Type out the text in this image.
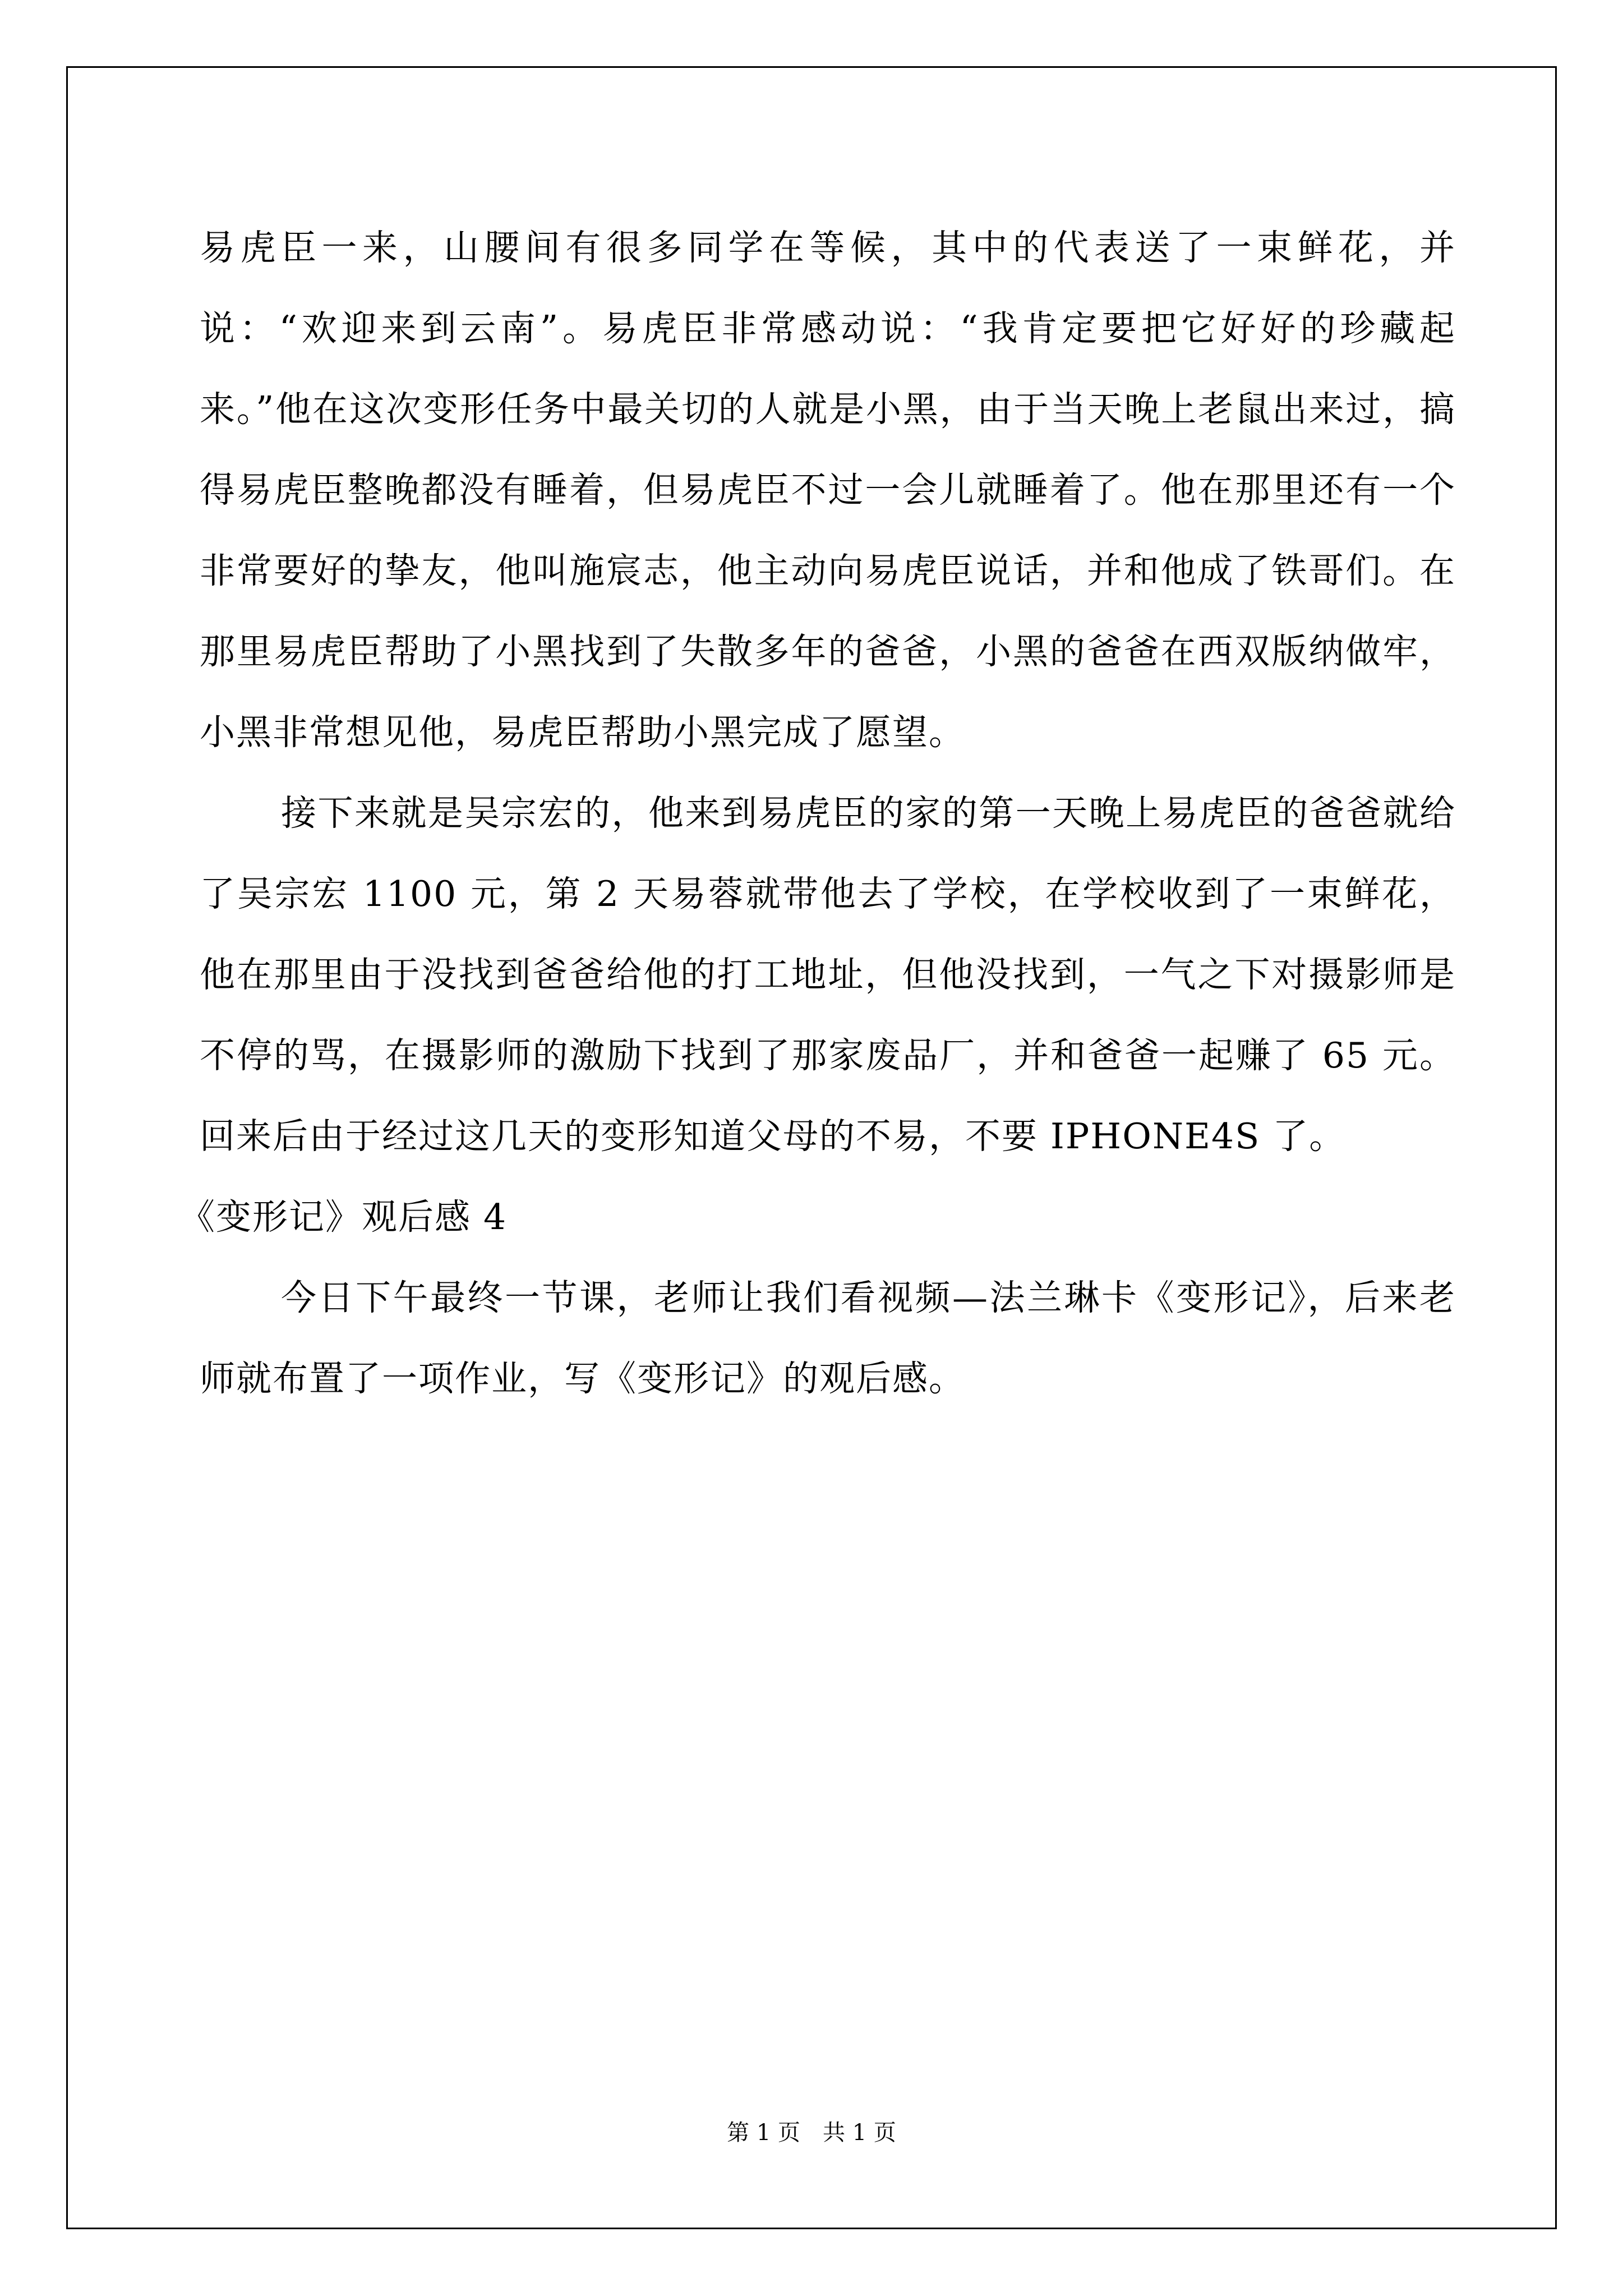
易虎臣一来，山腰间有很多同学在等候，其中的代表送了一束鲜花，并说：“欢迎来到云南”。易虎臣非常感动说：“我肯定要把它好好的珍藏起来。”他在这次变形任务中最关切的人就是小黑，由于当天晚上老鼠出来过，搞得易虎臣整晚都没有睡着，但易虎臣不过一会儿就睡着了。他在那里还有一个非常要好的挚友，他叫施宸志，他主动向易虎臣说话，并和他成了铁哥们。在那里易虎臣帮助了小黑找到了失散多年的爸爸，小黑的爸爸在西双版纳做牢，小黑非常想见他，易虎臣帮助小黑完成了愿望。

接下来就是吴宗宏的，他来到易虎臣的家的第一天晚上易虎臣的爸爸就给了吴宗宏 1100 元，第 2 天易蓉就带他去了学校，在学校收到了一束鲜花，他在那里由于没找到爸爸给他的打工地址，但他没找到，一气之下对摄影师是不停的骂，在摄影师的激励下找到了那家废品厂，并和爸爸一起赚了 65 元。回来后由于经过这几天的变形知道父母的不易，不要 IPHONE4S 了。

《变形记》观后感 4

今日下午最终一节课，老师让我们看视频—法兰琳卡《变形记》，后来老师就布置了一项作业，写《变形记》的观后感。

第 1 页　共 1 页
